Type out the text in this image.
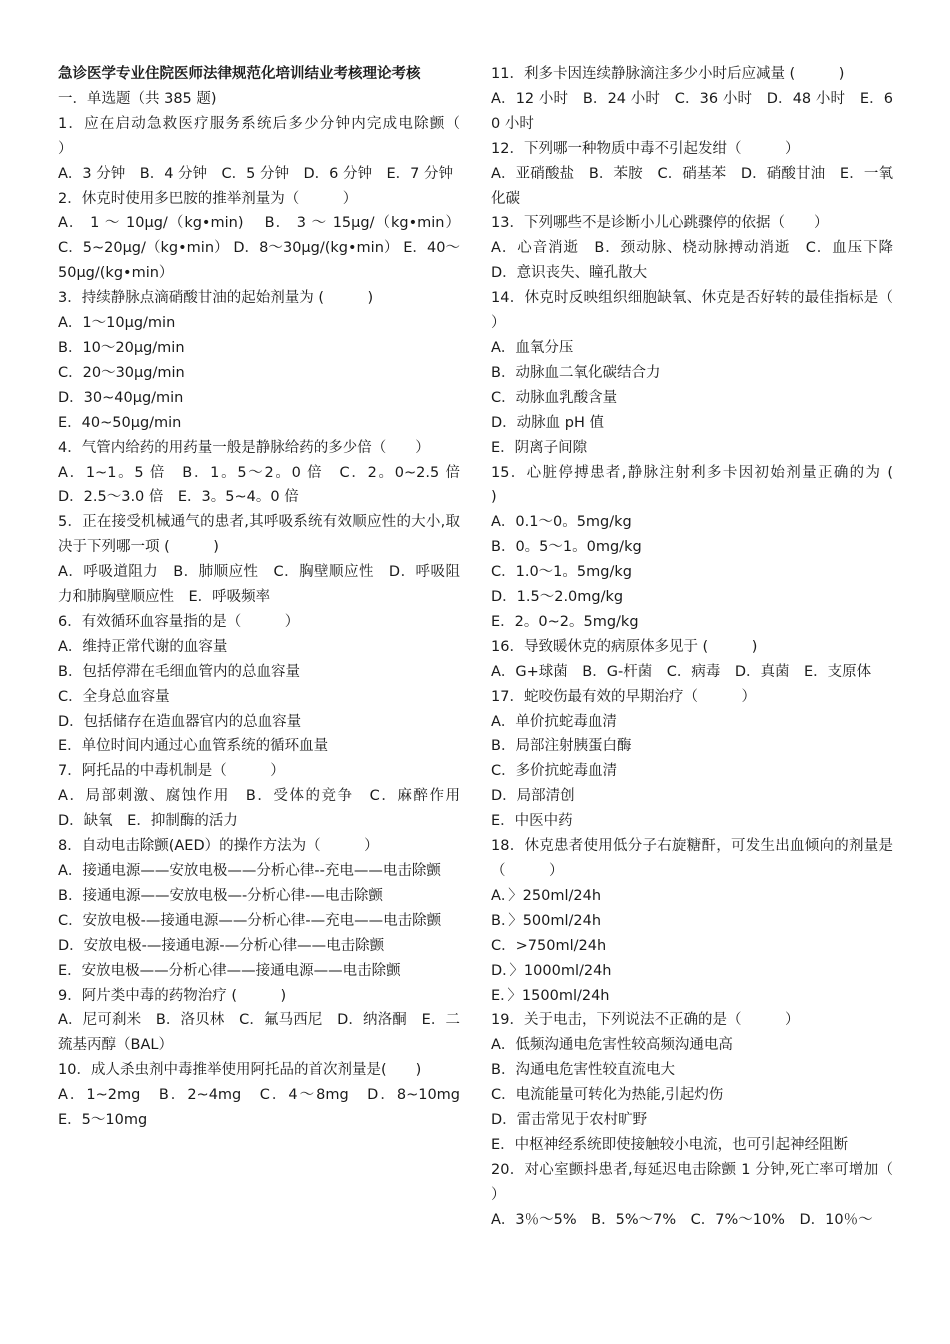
急诊医学专业住院医师法律规范化培训结业考核理论考核

一．单选题（共 385 题)

1．应在启动急救医疗服务系统后多少分钟内完成电除颤（　　　）

A．3 分钟　B．4 分钟　C．5 分钟　D．6 分钟　E．7 分钟

2．休克时使用多巴胺的推举剂量为（　　　）

A． 1 ～ 10μg/（kg•min) 　B． 3 ～ 15μg/（kg•min） C．5~20μg/（kg•min） D．8～30μg/(kg•min） E．40～50μg/(kg•min）

3．持续静脉点滴硝酸甘油的起始剂量为 (　　　)

A．1～10μg/min

B．10～20μg/min

C．20～30μg/min

D．30~40μg/min

E．40~50μg/min

4．气管内给药的用药量一般是静脉给药的多少倍（　　）

A．1~1。5 倍　B．1。5～2。0 倍　C．2。0~2.5 倍　D．2.5～3.0 倍　E．3。5~4。0 倍

5．正在接受机械通气的患者,其呼吸系统有效顺应性的大小,取决于下列哪一项 (　　　)

A．呼吸道阻力　B．肺顺应性　C．胸壁顺应性　D．呼吸阻力和肺胸壁顺应性　E．呼吸频率

6．有效循环血容量指的是（　　　）

A．维持正常代谢的血容量

B．包括停滞在毛细血管内的总血容量

C．全身总血容量

D．包括储存在造血器官内的总血容量

E．单位时间内通过心血管系统的循环血量

7．阿托品的中毒机制是（　　　）

A．局部刺激、腐蚀作用　B．受体的竞争　C．麻醉作用　D．缺氧　E．抑制酶的活力

8．自动电击除颤(AED）的操作方法为（　　　）

A．接通电源——安放电极——分析心律--充电——电击除颤

B．接通电源——安放电极—-分析心律-—电击除颤

C．安放电极-—接通电源——分析心律-—充电——电击除颤

D．安放电极-—接通电源-—分析心律——电击除颤

E．安放电极——分析心律——接通电源——电击除颤

9．阿片类中毒的药物治疗 (　　　)

A．尼可刹米　B．洛贝林　C．氟马西尼　D．纳洛酮　E．二巯基丙醇（BAL）

10．成人杀虫剂中毒推举使用阿托品的首次剂量是(　　)

A．1~2mg　B．2~4mg　C．4～8mg　D．8~10mg　E．5～10mg

11．利多卡因连续静脉滴注多少小时后应减量 (　　　)

A．12 小时　B．24 小时　C．36 小时　D．48 小时　E．60 小时

12．下列哪一种物质中毒不引起发绀（　　　）

A．亚硝酸盐　B．苯胺　C．硝基苯　D．硝酸甘油　E．一氧化碳

13．下列哪些不是诊断小儿心跳骤停的依据（　　）

A．心音消逝　B．颈动脉、桡动脉搏动消逝　C．血压下降　D．意识丧失、瞳孔散大

14．休克时反映组织细胞缺氧、休克是否好转的最佳指标是（　　　）

A．血氧分压

B．动脉血二氧化碳结合力

C．动脉血乳酸含量

D．动脉血 pH 值

E．阴离子间隙

15．心脏停搏患者,静脉注射利多卡因初始剂量正确的为 (　　　)

A．0.1～0。5mg/kg

B．0。5～1。0mg/kg

C．1.0～1。5mg/kg

D．1.5～2.0mg/kg

E．2。0~2。5mg/kg

16．导致暖休克的病原体多见于 (　　　)

A．G+球菌　B．G-杆菌　C．病毒　D．真菌　E．支原体

17．蛇咬伤最有效的早期治疗（　　　）

A．单价抗蛇毒血清

B．局部注射胰蛋白酶

C．多价抗蛇毒血清

D．局部清创

E．中医中药

18．休克患者使用低分子右旋糖酐，可发生出血倾向的剂量是（　　　）

A．〉250ml/24h

B．〉500ml/24h

C．>750ml/24h

D．〉1000ml/24h

E．〉1500ml/24h

19．关于电击，下列说法不正确的是（　　　）

A．低频沟通电危害性较高频沟通电高

B．沟通电危害性较直流电大

C．电流能量可转化为热能,引起灼伤

D．雷击常见于农村旷野

E．中枢神经系统即使接触较小电流，也可引起神经阻断

20．对心室颤抖患者,每延迟电击除颤 1 分钟,死亡率可增加（　　　）

A．3％～5%　B．5%～7%　C．7%～10%　D．10％～
